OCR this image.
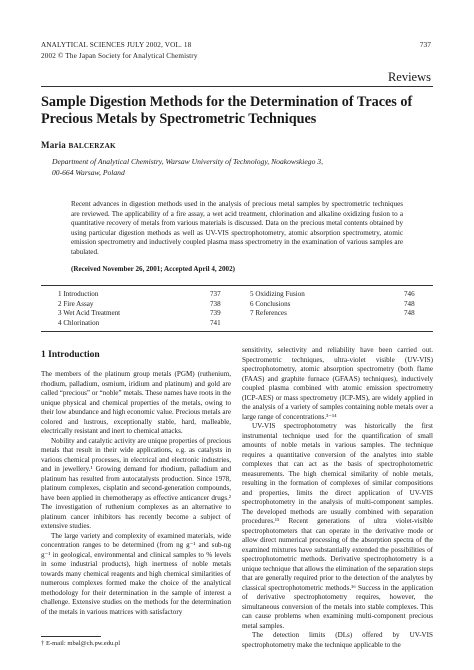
ANALYTICAL SCIENCES JULY 2002, VOL. 18
2002 © The Japan Society for Analytical Chemistry
737
Reviews
Sample Digestion Methods for the Determination of Traces of Precious Metals by Spectrometric Techniques
Maria BALCERZAK
Department of Analytical Chemistry, Warsaw University of Technology, Noakowskiego 3,
00-664 Warsaw, Poland
Recent advances in digestion methods used in the analysis of precious metal samples by spectrometric techniques are reviewed. The applicability of a fire assay, a wet acid treatment, chlorination and alkaline oxidizing fusion to a quantitative recovery of metals from various materials is discussed. Data on the precious metal contents obtained by using particular digestion methods as well as UV-VIS spectrophotometry, atomic absorption spectrometry, atomic emission spectrometry and inductively coupled plasma mass spectrometry in the examination of various samples are tabulated.
(Received November 26, 2001; Accepted April 4, 2002)
1 Introduction	737
2 Fire Assay	738
3 Wet Acid Treatment	739
4 Chlorination	741
5 Oxidizing Fusion	746
6 Conclusions	748
7 References	748
1 Introduction

The members of the platinum group metals (PGM) (ruthenium, rhodium, palladium, osmium, iridium and platinum) and gold are called “precious” or “noble” metals. These names have roots in the unique physical and chemical properties of the metals, owing to their low abundance and high economic value. Precious metals are colored and lustrous, exceptionally stable, hard, malleable, electrically resistant and inert to chemical attacks.

Nobility and catalytic activity are unique properties of precious metals that result in their wide applications, e.g. as catalysts in various chemical processes, in electrical and electronic industries, and in jewellery.¹ Growing demand for rhodium, palladium and platinum has resulted from autocatalysts production. Since 1978, platinum complexes, cisplatin and second-generation compounds, have been applied in chemotherapy as effective anticancer drugs.² The investigation of ruthenium complexes as an alternative to platinum cancer inhibitors has recently become a subject of extensive studies.

The large variety and complexity of examined materials, wide concentration ranges to be determined (from ng g⁻¹ and sub-ng g⁻¹ in geological, environmental and clinical samples to % levels in some industrial products), high inertness of noble metals towards many chemical reagents and high chemical similarities of numerous complexes formed make the choice of the analytical methodology for their determination in the sample of interest a challenge. Extensive studies on the methods for the determination of the metals in various matrices with satisfactory

sensitivity, selectivity and reliability have been carried out. Spectrometric techniques, ultra-violet visible (UV-VIS) spectrophotometry, atomic absorption spectrometry (both flame (FAAS) and graphite furnace (GFAAS) techniques), inductively coupled plasma combined with atomic emission spectrometry (ICP-AES) or mass spectrometry (ICP-MS), are widely applied in the analysis of a variety of samples containing noble metals over a large range of concentrations.³⁻¹⁴

UV-VIS spectrophotometry was historically the first instrumental technique used for the quantification of small amounts of noble metals in various samples. The technique requires a quantitative conversion of the analytes into stable complexes that can act as the basis of spectrophotometric measurements. The high chemical similarity of noble metals, resulting in the formation of complexes of similar compositions and properties, limits the direct application of UV-VIS spectrophotometry in the analysis of multi-component samples. The developed methods are usually combined with separation procedures.¹⁵ Recent generations of ultra violet-visible spectrophotometers that can operate in the derivative mode or allow direct numerical processing of the absorption spectra of the examined mixtures have substantially extended the possibilities of spectrophotometric methods. Derivative spectrophotometry is a unique technique that allows the elimination of the separation steps that are generally required prior to the detection of the analytes by classical spectrophotometric methods.¹⁶ Success in the application of derivative spectrophotometry requires, however, the simultaneous conversion of the metals into stable complexes. This can cause problems when examining multi-component precious metal samples.

The detection limits (DLs) offered by UV-VIS spectrophotometry make the technique applicable to the

† E-mail: mbal@ch.pw.edu.pl
